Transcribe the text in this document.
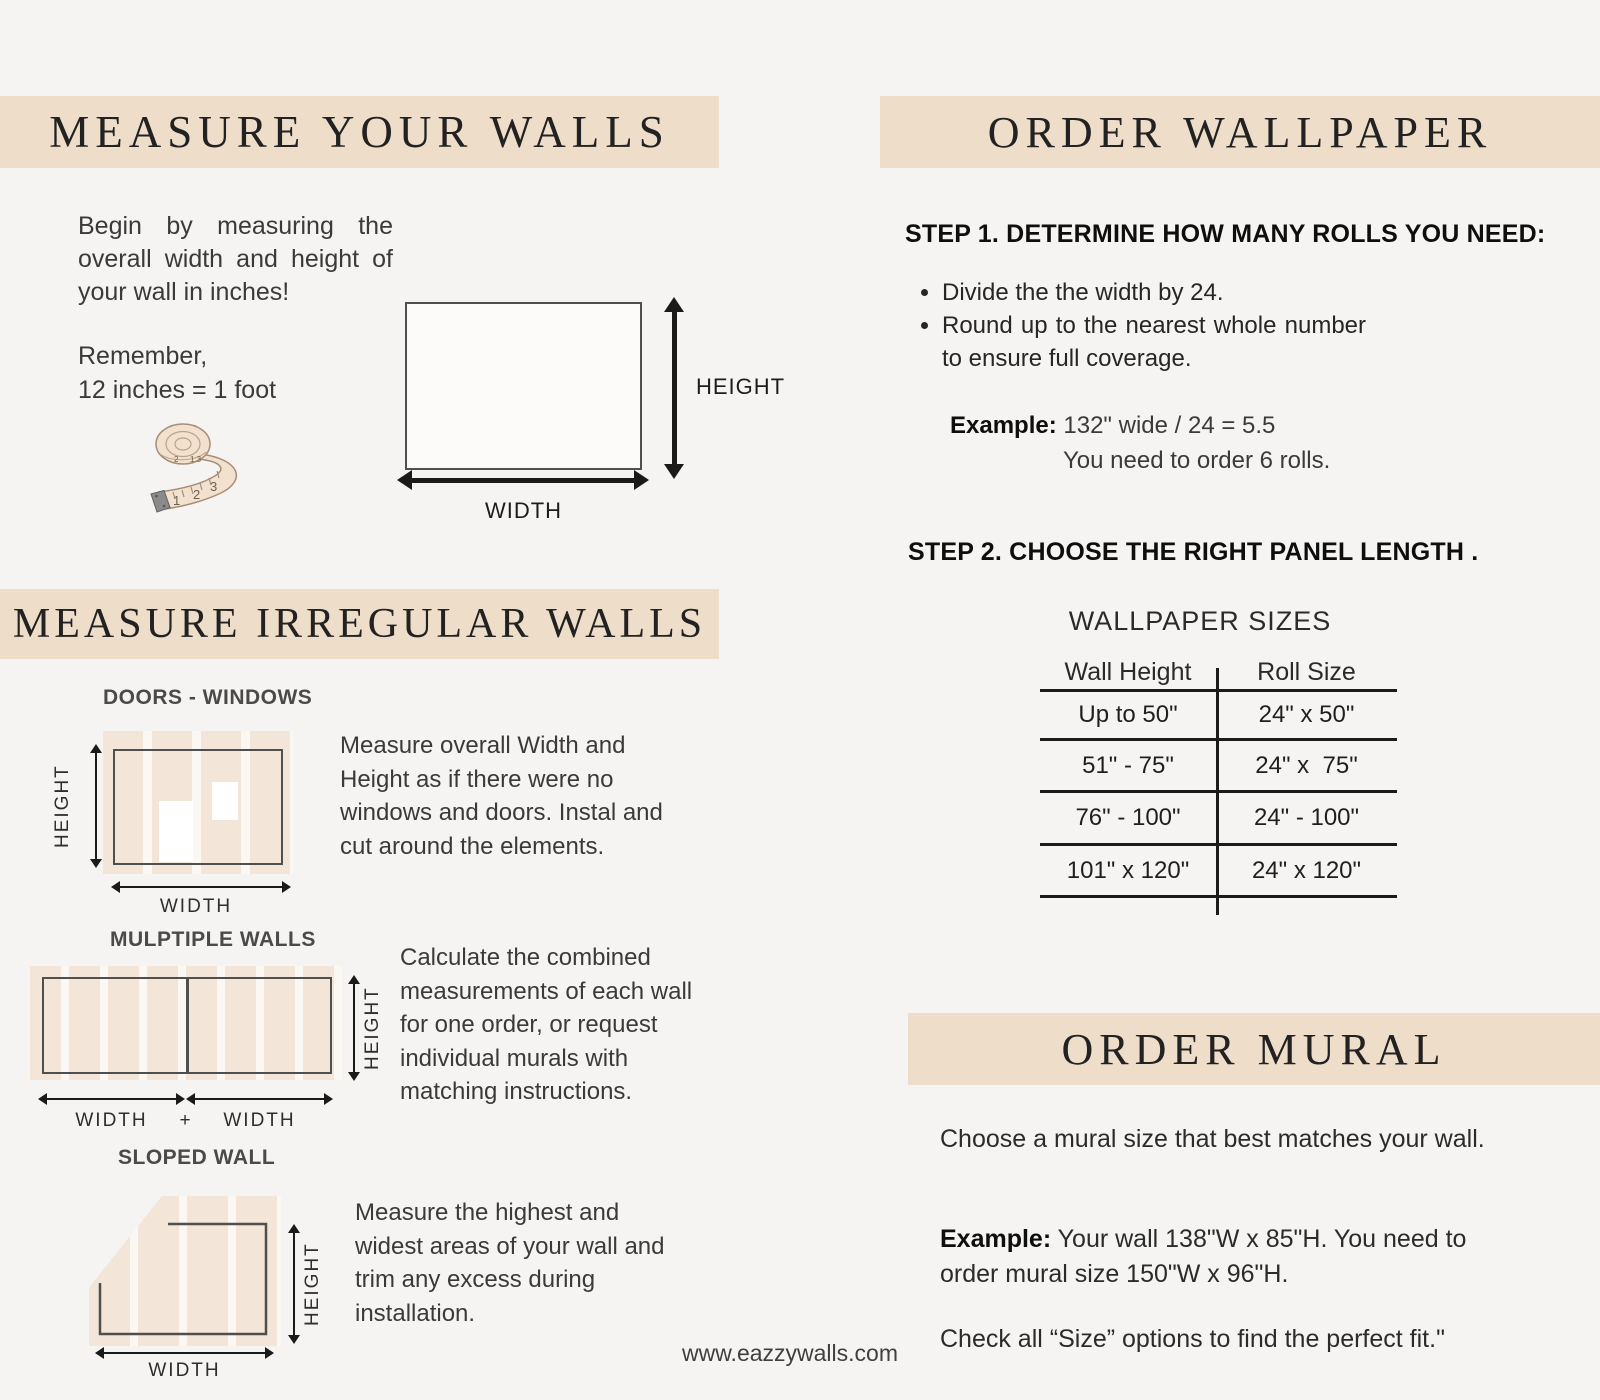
MEASURE YOUR WALLS
Begin by measuring the overall width and height of your wall in inches!
Remember,
12 inches = 1 foot
1 2
3
2 1 3
HEIGHT
WIDTH
MEASURE IRREGULAR WALLS
DOORS - WINDOWS
HEIGHT
WIDTH
Measure overall Width and Height as if there were no windows and doors. Instal and cut around the elements.
MULPTIPLE WALLS
HEIGHT
WIDTH	+	WIDTH
Calculate the combined measurements of each wall for one order, or request individual murals with matching instructions.
SLOPED WALL
HEIGHT
WIDTH
Measure the highest and widest areas of your wall and trim any excess during installation.
ORDER WALLPAPER
STEP 1. DETERMINE HOW MANY ROLLS YOU NEED:
• Divide the the width by 24.
• Round up to the nearest whole number to ensure full coverage.
Example: 132" wide / 24 = 5.5
You need to order 6 rolls.
STEP 2. CHOOSE THE RIGHT PANEL LENGTH .
WALLPAPER SIZES
Wall Height	Roll Size
Up to 50"	24" x 50"
51" - 75"	24" x  75"
76" - 100"	24" - 100"
101" x 120"	24" x 120"
ORDER MURAL
Choose a mural size that best matches your wall.
Example: Your wall 138"W x 85"H. You need to order mural size 150"W x 96"H.
Check all “Size” options to find the perfect fit."
www.eazzywalls.com
